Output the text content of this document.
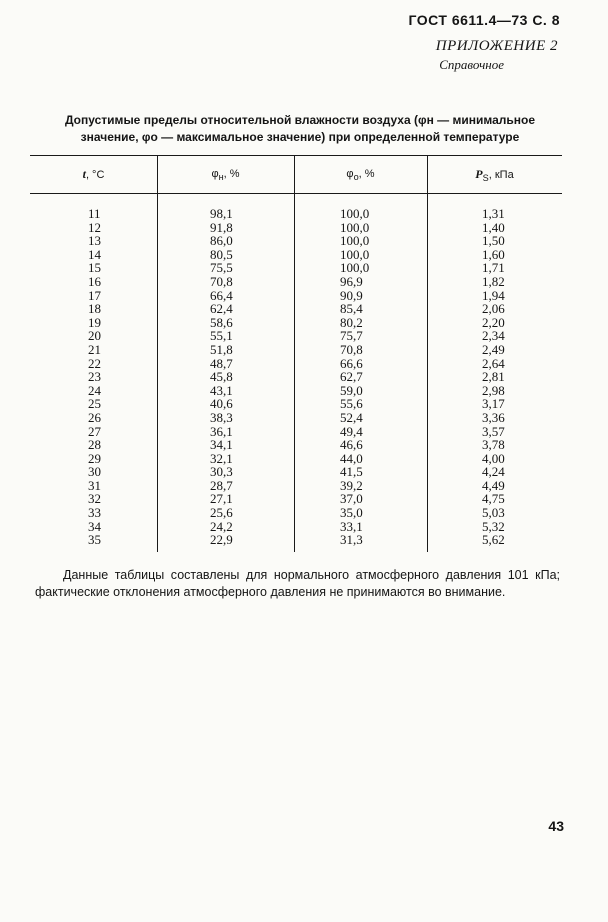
ГОСТ 6611.4—73 С. 8
ПРИЛОЖЕНИЕ 2
Справочное
Допустимые пределы относительной влажности воздуха (φн — минимальное значение, φо — максимальное значение) при определенной температуре
t, °C	$\varphi_н$, %	$\varphi_о$, %	$P_S$, кПа
11	98,1	100,0	1,31
12	91,8	100,0	1,40
13	86,0	100,0	1,50
14	80,5	100,0	1,60
15	75,5	100,0	1,71
16	70,8	96,9	1,82
17	66,4	90,9	1,94
18	62,4	85,4	2,06
19	58,6	80,2	2,20
20	55,1	75,7	2,34
21	51,8	70,8	2,49
22	48,7	66,6	2,64
23	45,8	62,7	2,81
24	43,1	59,0	2,98
25	40,6	55,6	3,17
26	38,3	52,4	3,36
27	36,1	49,4	3,57
28	34,1	46,6	3,78
29	32,1	44,0	4,00
30	30,3	41,5	4,24
31	28,7	39,2	4,49
32	27,1	37,0	4,75
33	25,6	35,0	5,03
34	24,2	33,1	5,32
35	22,9	31,3	5,62
Данные таблицы составлены для нормального атмосферного давления 101 кПа; фактические отклонения атмосферного давления не принимаются во внимание.
43
